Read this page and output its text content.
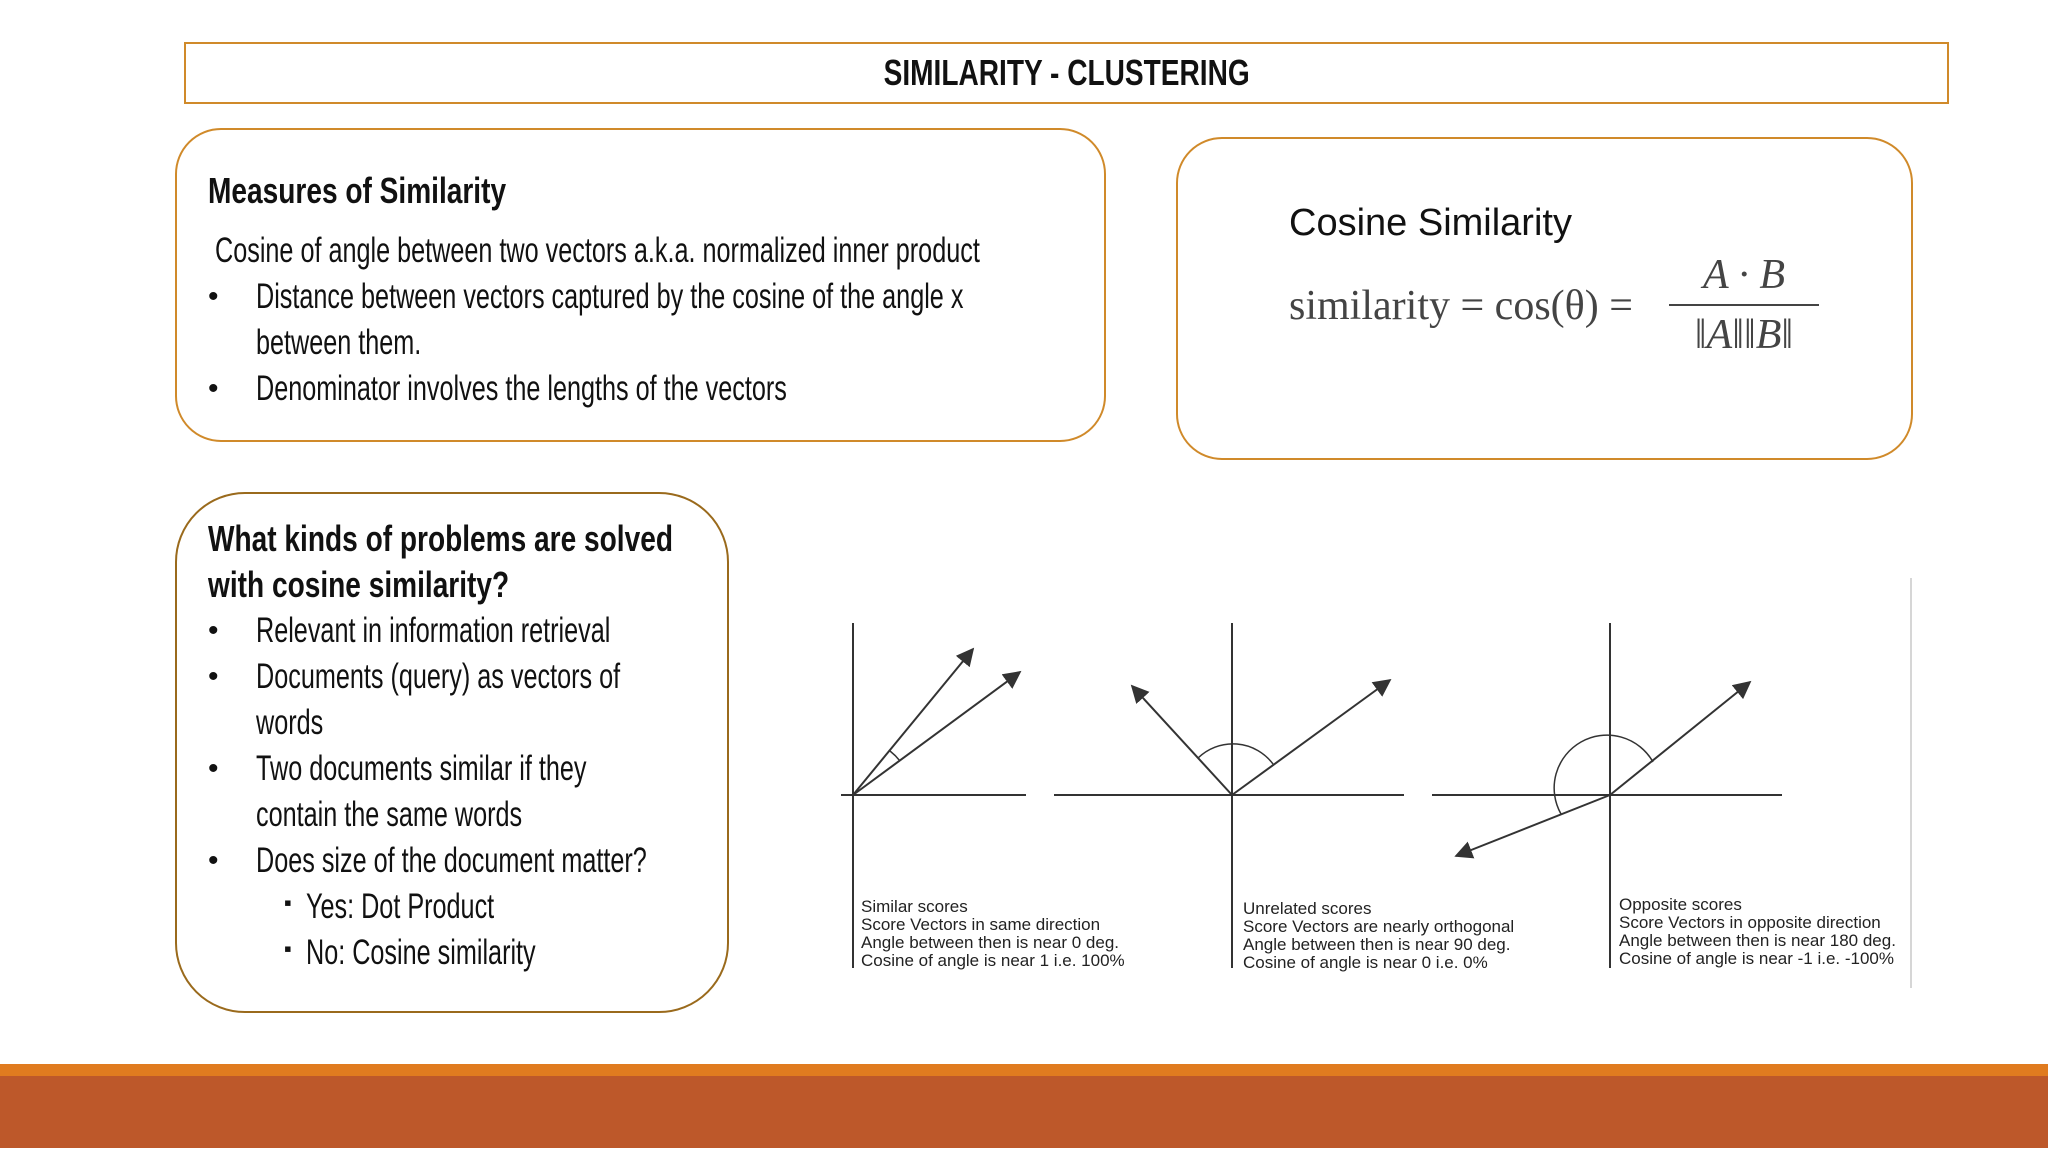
SIMILARITY - CLUSTERING
Measures of Similarity
Cosine of angle between two vectors a.k.a. normalized inner product
• Distance between vectors captured by the cosine of the angle x
between them.
• Denominator involves the lengths of the vectors
Cosine Similarity
similarity = cos(θ) =
A · B
‖A‖‖B‖
What kinds of problems are solved
with cosine similarity?
• Relevant in information retrieval
• Documents (query) as vectors of
words
• Two documents similar if they
contain the same words
• Does size of the document matter?
▪ Yes: Dot Product
▪ No: Cosine similarity
Similar scores
Score Vectors in same direction
Angle between then is near 0 deg.
Cosine of angle is near 1 i.e. 100%
Unrelated scores
Score Vectors are nearly orthogonal
Angle between then is near 90 deg.
Cosine of angle is near 0 i.e. 0%
Opposite scores
Score Vectors in opposite direction
Angle between then is near 180 deg.
Cosine of angle is near -1 i.e. -100%
